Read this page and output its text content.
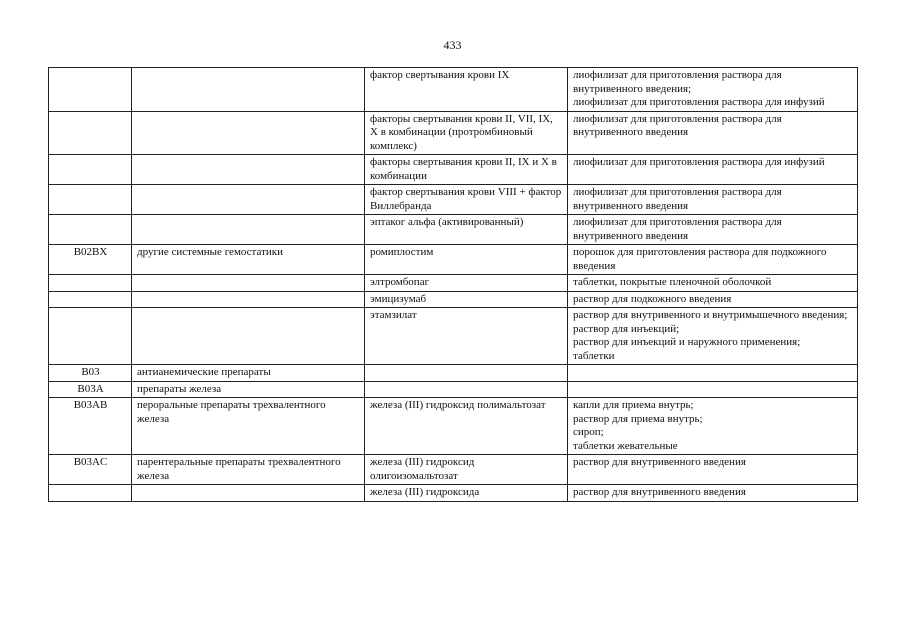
433
		фактор свертывания крови IX	лиофилизат для приготовления раствора для внутривенного введения;
лиофилизат для приготовления раствора для инфузий
		факторы свертывания крови II, VII, IX, X в комбинации (протромбиновый комплекс)	лиофилизат для приготовления раствора для внутривенного введения
		факторы свертывания крови II, IX и X в комбинации	лиофилизат для приготовления раствора для инфузий
		фактор свертывания крови VIII + фактор Виллебранда	лиофилизат для приготовления раствора для внутривенного введения
		эптаког альфа (активированный)	лиофилизат для приготовления раствора для внутривенного введения
B02BX	другие системные гемостатики	ромиплостим	порошок для приготовления раствора для подкожного введения
		элтромбопаг	таблетки, покрытые пленочной оболочкой
		эмицизумаб	раствор для подкожного введения
		этамзилат	раствор для внутривенного и внутримышечного введения;
раствор для инъекций;
раствор для инъекций и наружного применения;
таблетки
B03	антианемические препараты		
B03A	препараты железа		
B03AB	пероральные препараты трехвалентного железа	железа (III) гидроксид полимальтозат	капли для приема внутрь;
раствор для приема внутрь;
сироп;
таблетки жевательные
B03AC	парентеральные препараты трехвалентного железа	железа (III) гидроксид олигоизомальтозат	раствор для внутривенного введения
		железа (III) гидроксида	раствор для внутривенного введения
